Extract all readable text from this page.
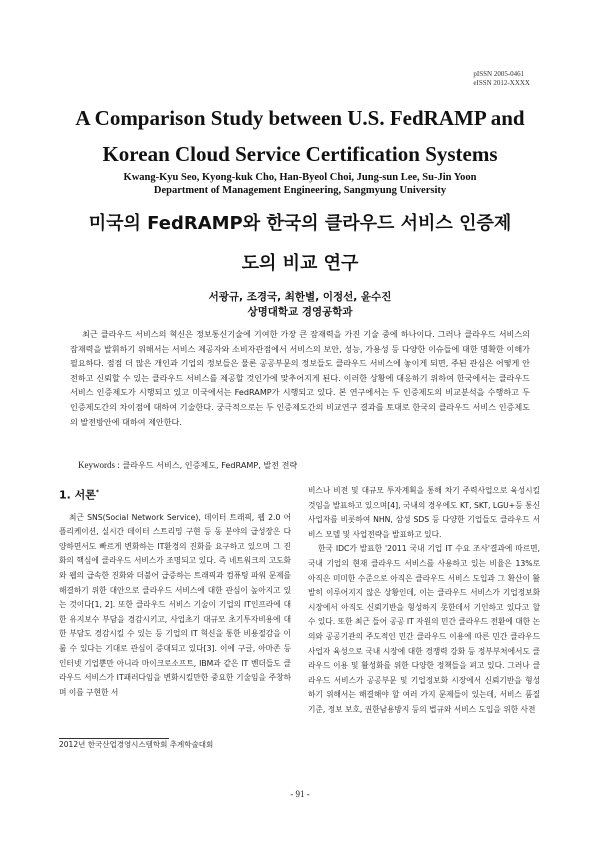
pISSN 2005-0461
eISSN 2012-XXXX
A Comparison Study between U.S. FedRAMP and
Korean Cloud Service Certification Systems
Kwang-Kyu Seo, Kyong-kuk Cho, Han-Byeol Choi, Jung-sun Lee, Su-Jin Yoon
Department of Management Engineering, Sangmyung University
미국의 FedRAMP와 한국의 클라우드 서비스 인증제
도의 비교 연구
서광규, 조경국, 최한별, 이정선, 윤수진
상명대학교 경영공학과
최근 클라우드 서비스의 혁신은 정보통신기술에 기여한 가장 큰 잠재력을 가진 기술 중에 하나이다. 그러나 클라우드 서비스의 잠재력을 발휘하기 위해서는 서비스 제공자와 소비자관점에서 서비스의 보안, 성능, 가용성 등 다양한 이슈들에 대한 명확한 이해가 필요하다. 점점 더 많은 개인과 기업의 정보들은 물론 공공부문의 정보들도 클라우드 서비스에 놓이게 되면, 주된 관심은 어떻게 안전하고 신뢰할 수 있는 클라우드 서비스를 제공할 것인가에 맞추어지게 된다. 이러한 상황에 대응하기 위하여 한국에서는 클라우드 서비스 인증제도가 시행되고 있고 미국에서는 FedRAMP가 시행되고 있다. 본 연구에서는 두 인증제도의 비교분석을 수행하고 두 인증제도간의 차이점에 대하여 기술한다. 궁극적으로는 두 인증제도간의 비교연구 결과를 토대로 한국의 클라우드 서비스 인증제도의 발전방안에 대하여 제안한다.
Keywords : 클라우드 서비스, 인증제도, FedRAMP, 발전 전략
1. 서론*

최근 SNS(Social Network Service), 데이터 트래픽, 웹 2.0 어플리케이션, 실시간 데이터 스트리밍 구현 등 동 분야의 급성장은 다양하면서도 빠르게 변화하는 IT환경의 진화를 요구하고 있으며 그 진화의 핵심에 클라우드 서비스가 조명되고 있다. 즉 네트워크의 고도화와 웹의 급속한 진화와 더불어 급증하는 트래픽과 컴퓨팅 파워 문제를 해결하기 위한 대안으로 클라우드 서비스에 대한 관심이 높아지고 있는 것이다[1, 2]. 또한 클라우드 서비스 기술이 기업의 IT인프라에 대한 유지보수 부담을 경감시키고, 사업초기 대규모 초기투자비용에 대한 부담도 경감시킬 수 있는 등 기업의 IT 혁신을 통한 비용절감을 이룰 수 있다는 기대로 관심이 증대되고 있다[3]. 이에 구글, 아마존 등 인터넷 기업뿐만 아니라 마이크로소프트, IBM과 같은 IT 벤더들도 클라우드 서비스가 IT패러다임을 변화시킬만한 중요한 기술임을 주창하며 이를 구현한 서

비스나 비전 및 대규모 투자계획을 통해 차기 주력사업으로 육성시킬 것임을 발표하고 있으며[4], 국내의 경우에도 KT, SKT, LGU+등 통신사업자를 비롯하여 NHN, 삼성 SDS 등 다양한 기업들도 클라우드 서비스 모델 및 사업전략을 발표하고 있다.

한국 IDC가 발표한 '2011 국내 기업 IT 수요 조사'결과에 따르면, 국내 기업의 현재 클라우드 서비스를 사용하고 있는 비율은 13%로 아직은 미미한 수준으로 아직은 클라우드 서비스 도입과 그 확산이 활발히 이루어지지 않은 상황인데, 이는 클라우드 서비스가 기업정보화 시장에서 아직도 신뢰기반을 형성하지 못한데서 기인하고 있다고 할 수 있다. 또한 최근 들어 공공 IT 자원의 민간 클라우드 전환에 대한 논의와 공공기관의 주도적인 민간 클라우드 이용에 따른 민간 클라우드 사업자 육성으로 국내 시장에 대한 경쟁력 강화 등 정부부처에서도 클라우드 이용 및 활성화를 위한 다양한 정책들을 펴고 있다. 그러나 클라우드 서비스가 공공부문 및 기업정보화 시장에서 신뢰기반을 형성하기 위해서는 해결해야 할 여러 가지 문제들이 있는데, 서비스 품질기준, 정보 보호, 권한남용방지 등의 법규와 서비스 도입을 위한 사전

2012년 한국산업경영시스템학회 추계학술대회
- 91 -
